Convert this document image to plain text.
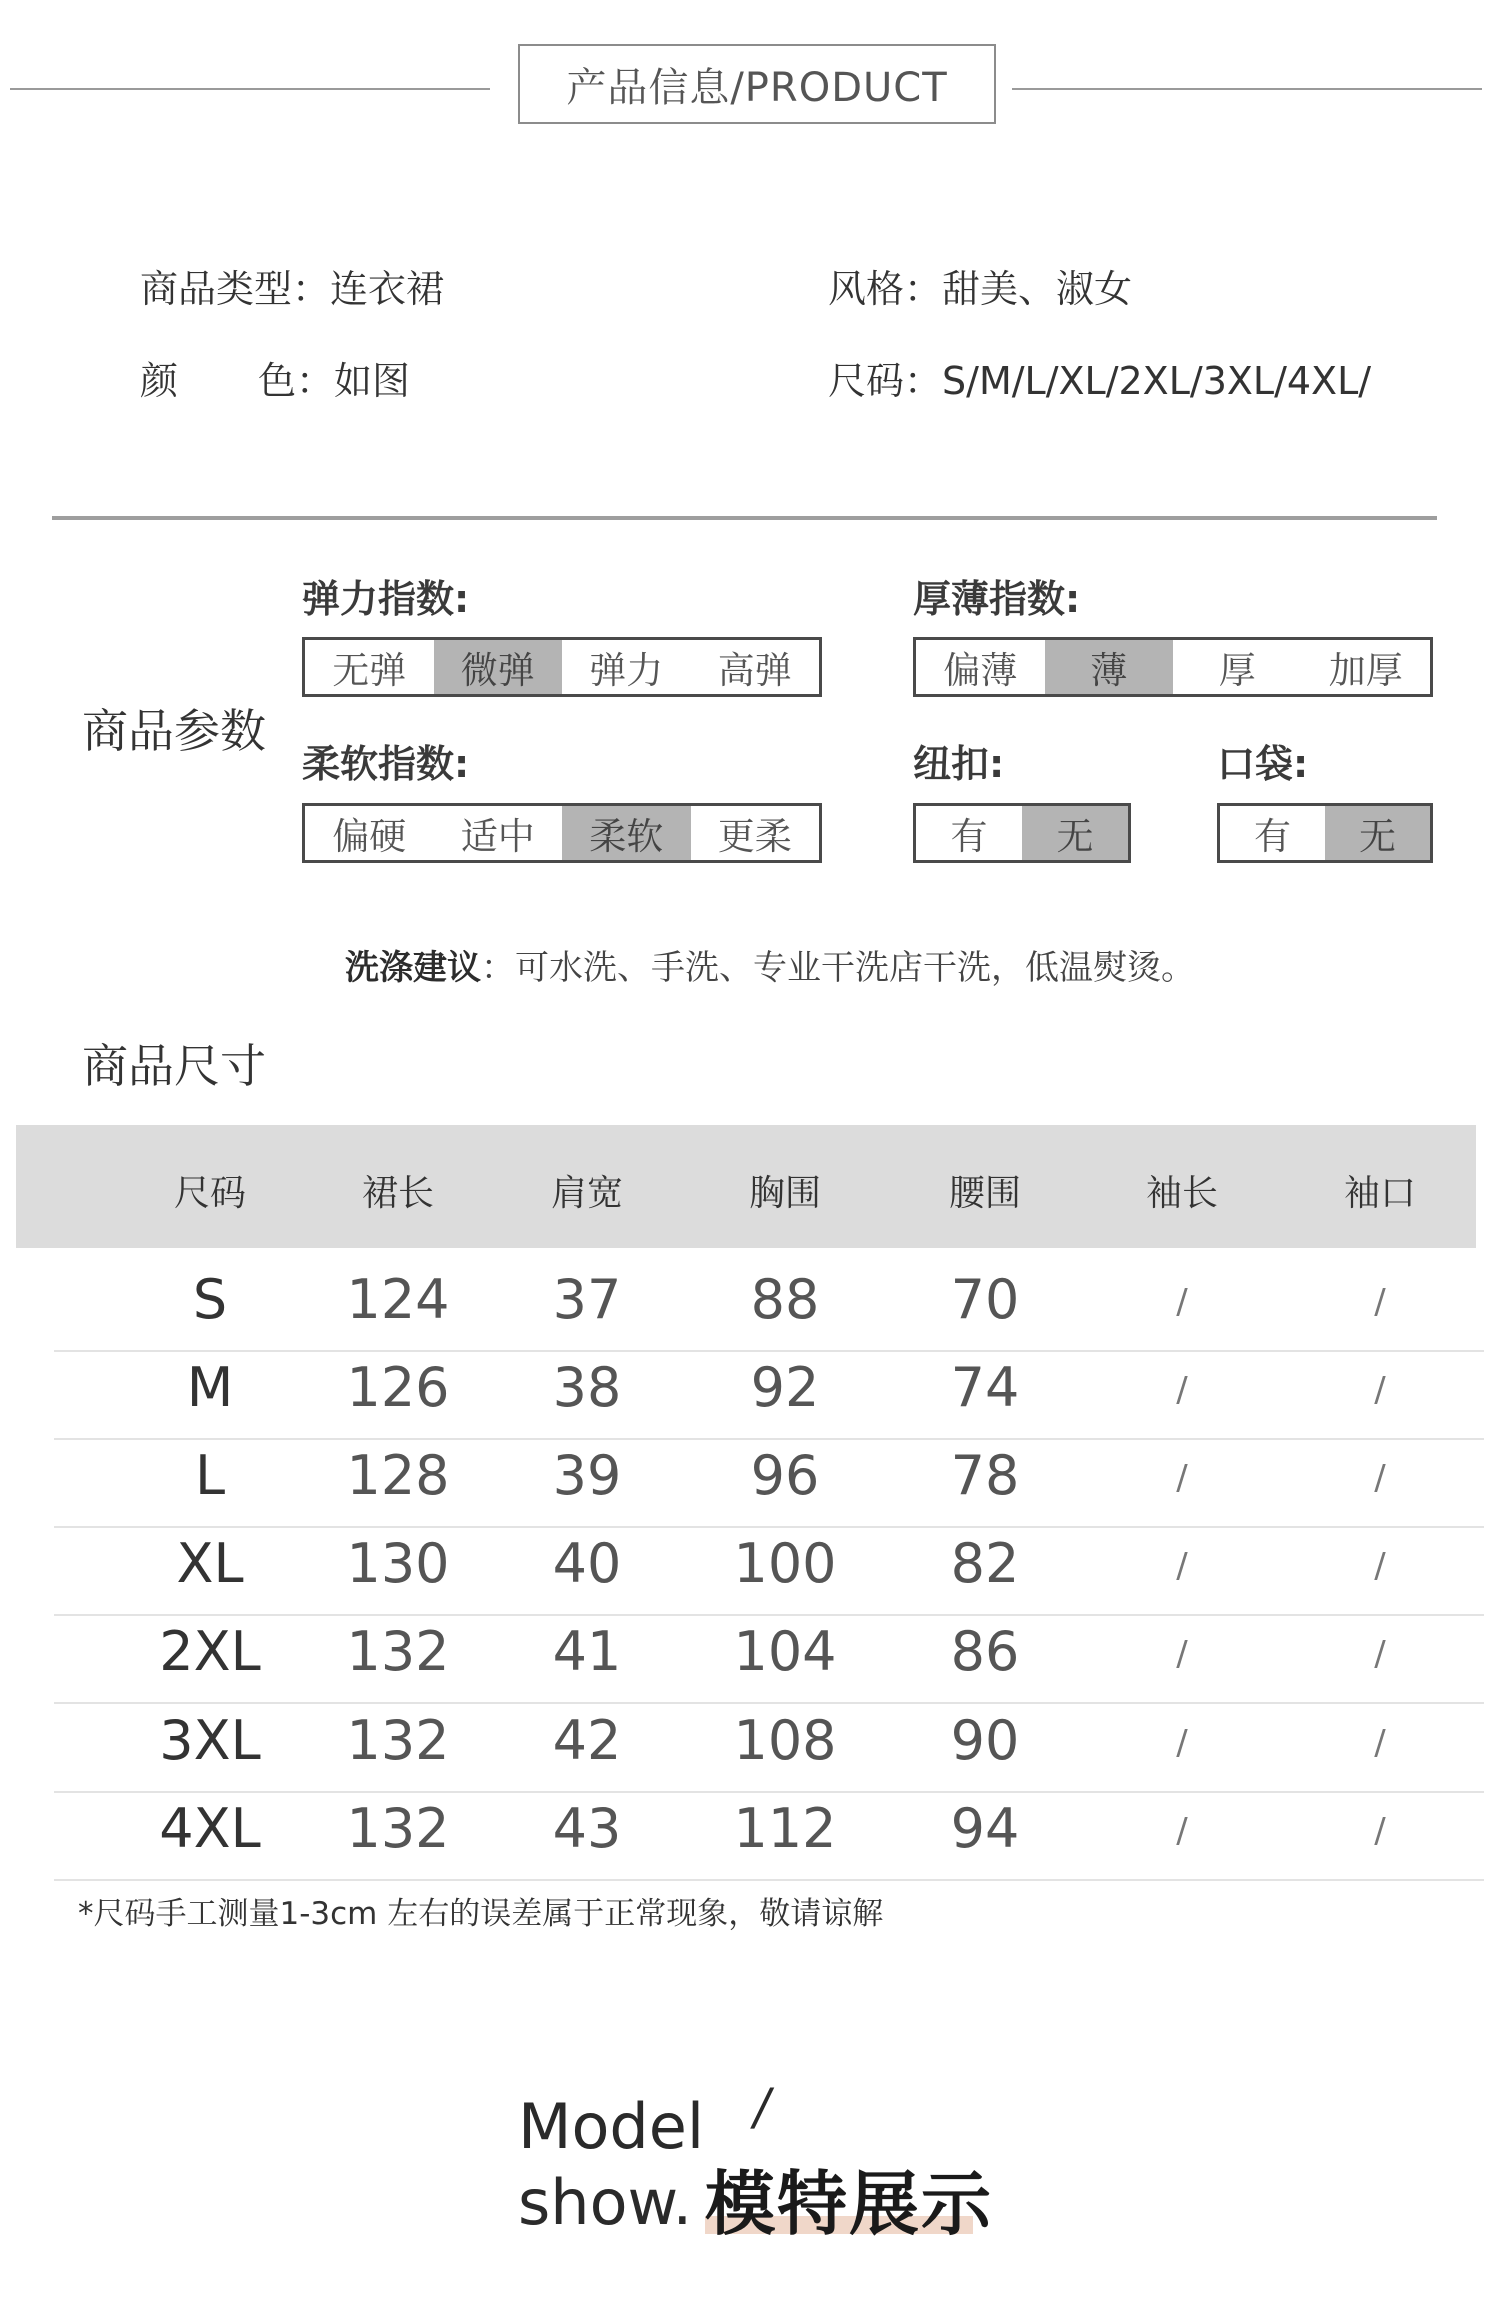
产品信息/PRODUCT
商品类型：连衣裙	风格：甜美、淑女
颜 色：如图	尺码：S/M/L/XL/2XL/3XL/4XL/
商品参数
弹力指数:
无弹	微弹	弹力	高弹
厚薄指数:
偏薄	薄	厚	加厚
柔软指数:
偏硬	适中	柔软	更柔
纽扣:
有	无
口袋:
有	无
洗涤建议：可水洗、手洗、专业干洗店干洗，低温熨烫。
商品尺寸
尺码	裙长	肩宽	胸围	腰围	袖长	袖口
S 124 37 88 70	/	/
M 126 38 92 74	/	/
L 128 39 96 78	/	/
XL 130 40 100 82	/	/
2XL 132 41 104 86	/	/
3XL 132 42 108 90	/	/
4XL 132 43 112 94	/	/
*尺码手工测量1-3cm 左右的误差属于正常现象，敬请谅解
Model /
show. 模特展示
